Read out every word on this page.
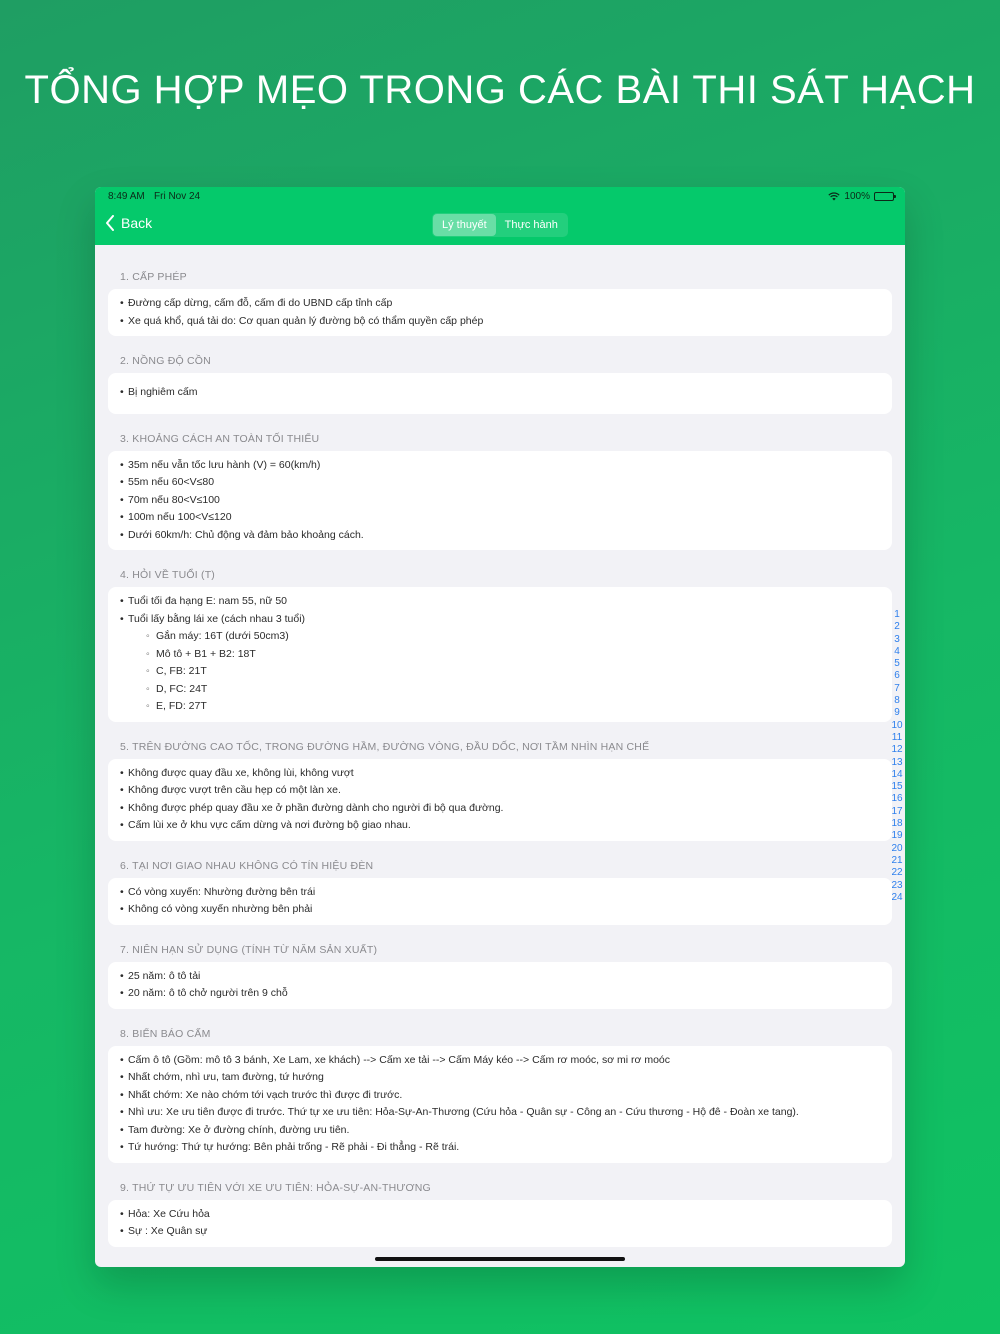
TỔNG HỢP MẸO TRONG CÁC BÀI THI SÁT HẠCH
8:49 AM Fri Nov 24	100%
Back	Lý thuyết	Thực hành
1. CẤP PHÉP
• Đường cấp dừng, cấm đỗ, cấm đi do UBND cấp tỉnh cấp
• Xe quá khổ, quá tải do: Cơ quan quản lý đường bộ có thẩm quyền cấp phép
2. NỒNG ĐỘ CỒN
• Bị nghiêm cấm
3. KHOẢNG CÁCH AN TOÀN TỐI THIỂU
• 35m nếu vẫn tốc lưu hành (V) = 60(km/h)
• 55m nếu 60<V≤80
• 70m nếu 80<V≤100
• 100m nếu 100<V≤120
• Dưới 60km/h: Chủ động và đảm bảo khoảng cách.
4. HỎI VỀ TUỔI (T)
• Tuổi tối đa hạng E: nam 55, nữ 50
• Tuổi lấy bằng lái xe (cách nhau 3 tuổi)
◦ Gắn máy: 16T (dưới 50cm3)
◦ Mô tô + B1 + B2: 18T
◦ C, FB: 21T
◦ D, FC: 24T
◦ E, FD: 27T
5. TRÊN ĐƯỜNG CAO TỐC, TRONG ĐƯỜNG HẦM, ĐƯỜNG VÒNG, ĐẦU DỐC, NƠI TẦM NHÌN HẠN CHẾ
• Không được quay đầu xe, không lùi, không vượt
• Không được vượt trên cầu hẹp có một làn xe.
• Không được phép quay đầu xe ở phần đường dành cho người đi bộ qua đường.
• Cấm lùi xe ở khu vực cấm dừng và nơi đường bộ giao nhau.
6. TẠI NƠI GIAO NHAU KHÔNG CÓ TÍN HIỆU ĐÈN
• Có vòng xuyến: Nhường đường bên trái
• Không có vòng xuyến nhường bên phải
7. NIÊN HẠN SỬ DỤNG (TÍNH TỪ NĂM SẢN XUẤT)
• 25 năm: ô tô tải
• 20 năm: ô tô chở người trên 9 chỗ
8. BIỂN BÁO CẤM
• Cấm ô tô (Gồm: mô tô 3 bánh, Xe Lam, xe khách) --> Cấm xe tải --> Cấm Máy kéo --> Cấm rơ moóc, sơ mi rơ moóc
• Nhất chớm, nhì ưu, tam đường, tứ hướng
• Nhất chớm: Xe nào chớm tới vạch trước thì được đi trước.
• Nhì ưu: Xe ưu tiên được đi trước. Thứ tự xe ưu tiên: Hỏa-Sự-An-Thương (Cứu hỏa - Quân sự - Công an - Cứu thương - Hộ đê - Đoàn xe tang).
• Tam đường: Xe ở đường chính, đường ưu tiên.
• Tứ hướng: Thứ tự hướng: Bên phải trống - Rẽ phải - Đi thẳng - Rẽ trái.
9. THỨ TỰ ƯU TIÊN VỚI XE ƯU TIÊN: HỎA-SỰ-AN-THƯƠNG
• Hỏa: Xe Cứu hỏa
• Sự : Xe Quân sự
1
2
3
4
5
6
7
8
9
10
11
12
13
14
15
16
17
18
19
20
21
22
23
24
